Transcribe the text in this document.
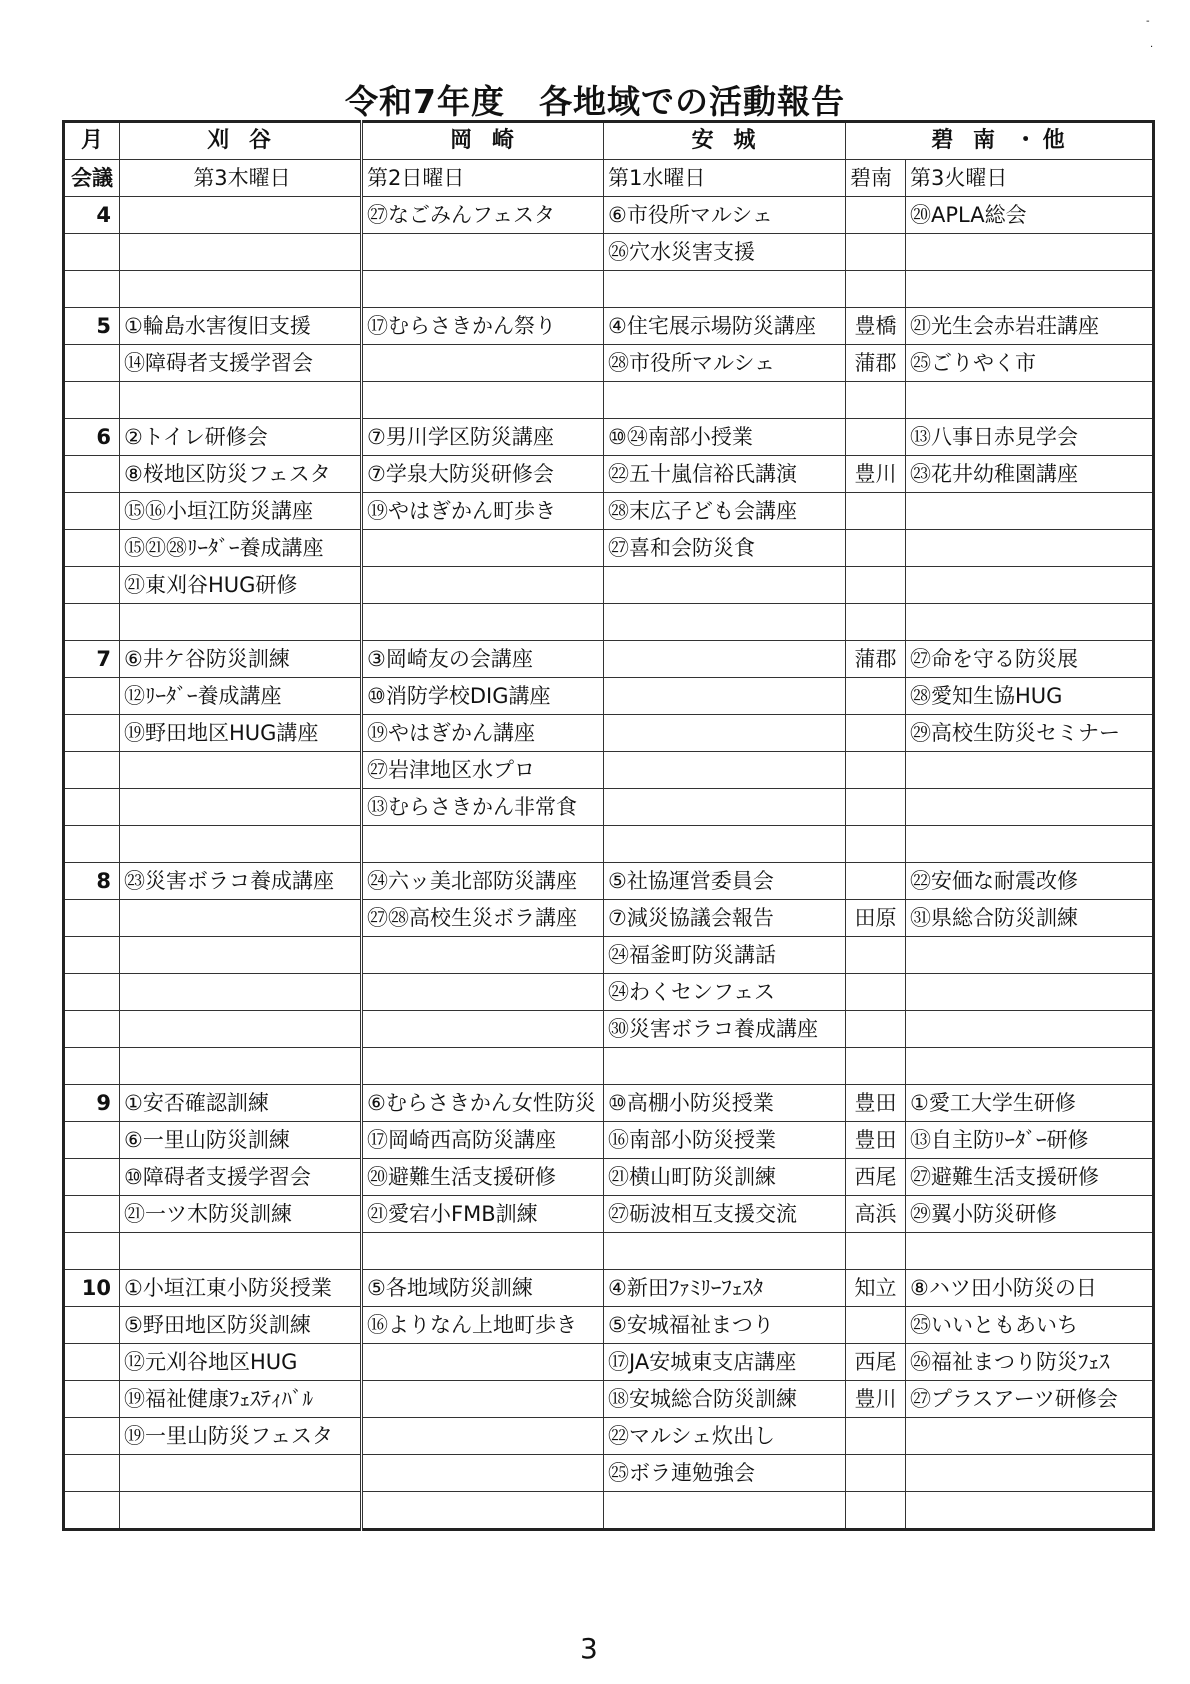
令和7年度　各地域での活動報告
月	刈 谷	岡 崎	安 城	碧 南 ・他	
会議	第3木曜日	第2日曜日	第1水曜日	碧南	第3火曜日
4		㉗なごみんフェスタ	⑥市役所マルシェ		⑳APLA総会
			㉖穴水災害支援		

5	①輪島水害復旧支援	⑰むらさきかん祭り	④住宅展示場防災講座	豊橋	㉑光生会赤岩荘講座
	⑭障碍者支援学習会		㉘市役所マルシェ	蒲郡	㉕ごりやく市

6	②トイレ研修会	⑦男川学区防災講座	⑩㉔南部小授業		⑬八事日赤見学会
	⑧桜地区防災フェスタ	⑦学泉大防災研修会	㉒五十嵐信裕氏講演	豊川	㉓花井幼稚園講座
	⑮⑯小垣江防災講座	⑲やはぎかん町歩き	㉘末広子ども会講座		
	⑮㉑㉘ﾘｰﾀﾞｰ養成講座		㉗喜和会防災食		
	㉑東刈谷HUG研修				

7	⑥井ケ谷防災訓練	③岡崎友の会講座		蒲郡	㉗命を守る防災展
	⑫ﾘｰﾀﾞｰ養成講座	⑩消防学校DIG講座			㉘愛知生協HUG
	⑲野田地区HUG講座	⑲やはぎかん講座			㉙高校生防災セミナー
		㉗岩津地区水プロ			
		⑬むらさきかん非常食			

8	㉓災害ボラコ養成講座	㉔六ッ美北部防災講座	⑤社協運営委員会		㉒安価な耐震改修
		㉗㉘高校生災ボラ講座	⑦減災協議会報告	田原	㉛県総合防災訓練
			㉔福釜町防災講話		
			㉔わくセンフェス		
			㉚災害ボラコ養成講座		

9	①安否確認訓練	⑥むらさきかん女性防災	⑩高棚小防災授業	豊田	①愛工大学生研修
	⑥一里山防災訓練	⑰岡崎西高防災講座	⑯南部小防災授業	豊田	⑬自主防ﾘｰﾀﾞｰ研修
	⑩障碍者支援学習会	⑳避難生活支援研修	㉑横山町防災訓練	西尾	㉗避難生活支援研修
	㉑一ツ木防災訓練	㉑愛宕小FMB訓練	㉗砺波相互支援交流	高浜	㉙翼小防災研修

10	①小垣江東小防災授業	⑤各地域防災訓練	④新田ﾌｧﾐﾘｰﾌｪｽﾀ	知立	⑧ハツ田小防災の日
	⑤野田地区防災訓練	⑯よりなん上地町歩き	⑤安城福祉まつり		㉕いいともあいち
	⑫元刈谷地区HUG		⑰JA安城東支店講座	西尾	㉖福祉まつり防災ﾌｪｽ
	⑲福祉健康ﾌｪｽﾃｨﾊﾞﾙ		⑱安城総合防災訓練	豊川	㉗プラスアーツ研修会
	⑲一里山防災フェスタ		㉒マルシェ炊出し		
			㉕ボラ連勉強会		

3
-
·
